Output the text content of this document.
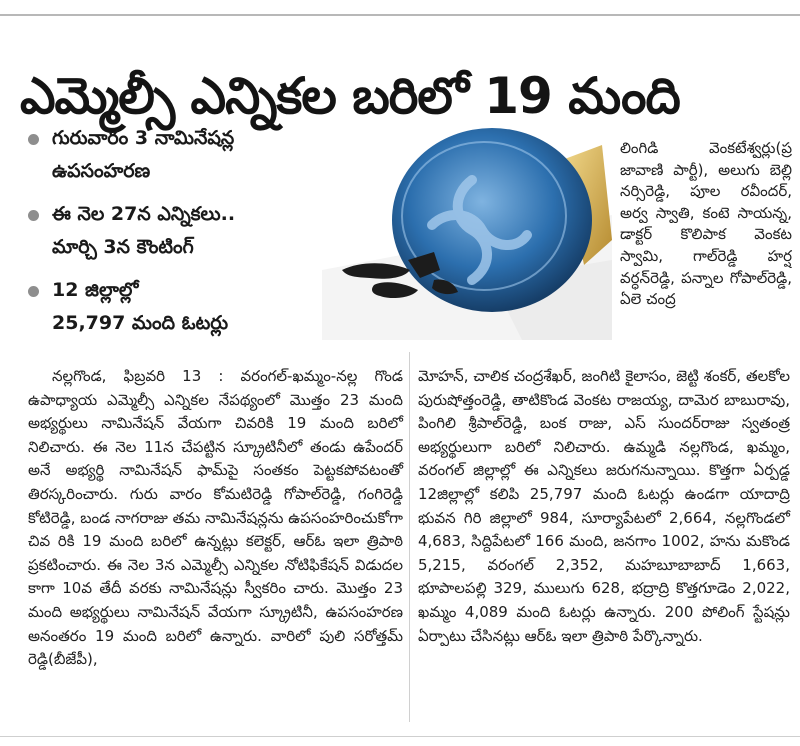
ఎమ్మెల్సీ ఎన్నికల బరిలో 19 మంది
గురువారం 3 నామినేషన్ల
ఉపసంహరణ
ఈ నెల 27న ఎన్నికలు..
మార్చి 3న కౌంటింగ్
12 జిల్లాల్లో
25,797 మంది ఓటర్లు

లింగిడి వెంకటేశ్వర్లు(ప్ర జావాణి పార్టీ), అలుగు బెల్లి నర్సిరెడ్డి, పూల రవీందర్, అర్వ స్వాతి, కంటె సాయన్న, డాక్టర్ కొలిపాక వెంకట స్వామి, గాల్‌రెడ్డి హర్ష వర్ధన్‌రెడ్డి, పన్నాల గోపాల్‌రెడ్డి, ఏలె చంద్ర

నల్లగొండ, ఫిబ్రవరి 13 : వరంగల్-ఖమ్మం-నల్ల గొండ ఉపాధ్యాయ ఎమ్మెల్సీ ఎన్నికల నేపథ్యంలో మొత్తం 23 మంది అభ్యర్థులు నామినేషన్ వేయగా చివరికి 19 మంది బరిలో నిలిచారు. ఈ నెల 11న చేపట్టిన స్క్రూటినీలో తండు ఉపేందర్ అనే అభ్యర్థి నామినేషన్ ఫామ్‌పై సంతకం పెట్టకపోవటంతో తిరస్కరించారు. గురు వారం కోమటిరెడ్డి గోపాల్‌రెడ్డి, గంగిరెడ్డి కోటిరెడ్డి, బండ నాగరాజు తమ నామినేషన్లను ఉపసంహరించుకోగా చివ రికి 19 మంది బరిలో ఉన్నట్లు కలెక్టర్, ఆర్‌ఓ ఇలా త్రిపాఠి ప్రకటించారు. ఈ నెల 3న ఎమ్మెల్సీ ఎన్నికల నోటిఫికేషన్ విడుదల కాగా 10వ తేదీ వరకు నామినేషన్లు స్వీకరిం చారు. మొత్తం 23 మంది అభ్యర్థులు నామినేషన్ వేయగా స్క్రూటినీ, ఉపసంహరణ అనంతరం 19 మంది బరిలో ఉన్నారు. వారిలో పులి సరోత్తమ్ రెడ్డి(బీజేపీ),

మోహన్, చాలిక చంద్రశేఖర్, జంగిటి కైలాసం, జెట్టి శంకర్, తలకోల పురుషోత్తంరెడ్డి, తాటికొండ వెంకట రాజయ్య, దామెర బాబురావు, పింగిలి శ్రీపాల్‌రెడ్డి, బంక రాజు, ఎస్ సుందర్‌రాజు స్వతంత్ర అభ్యర్థులుగా బరిలో నిలిచారు. ఉమ్మడి నల్లగొండ, ఖమ్మం, వరంగల్ జిల్లాల్లో ఈ ఎన్నికలు జరుగనున్నాయి. కొత్తగా ఏర్పడ్డ 12జిల్లాల్లో కలిపి 25,797 మంది ఓటర్లు ఉండగా యాదాద్రి భువన గిరి జిల్లాలో 984, సూర్యాపేటలో 2,664, నల్లగొండలో 4,683, సిద్దిపేటలో 166 మంది, జనగాం 1002, హను మకొండ 5,215, వరంగల్ 2,352, మహబూబాబాద్ 1,663, భూపాలపల్లి 329, ములుగు 628, భద్రాద్రి కొత్తగూడెం 2,022, ఖమ్మం 4,089 మంది ఓటర్లు ఉన్నారు. 200 పోలింగ్ స్టేషన్లు ఏర్పాటు చేసినట్లు ఆర్‌ఓ ఇలా త్రిపాఠి పేర్కొన్నారు.
